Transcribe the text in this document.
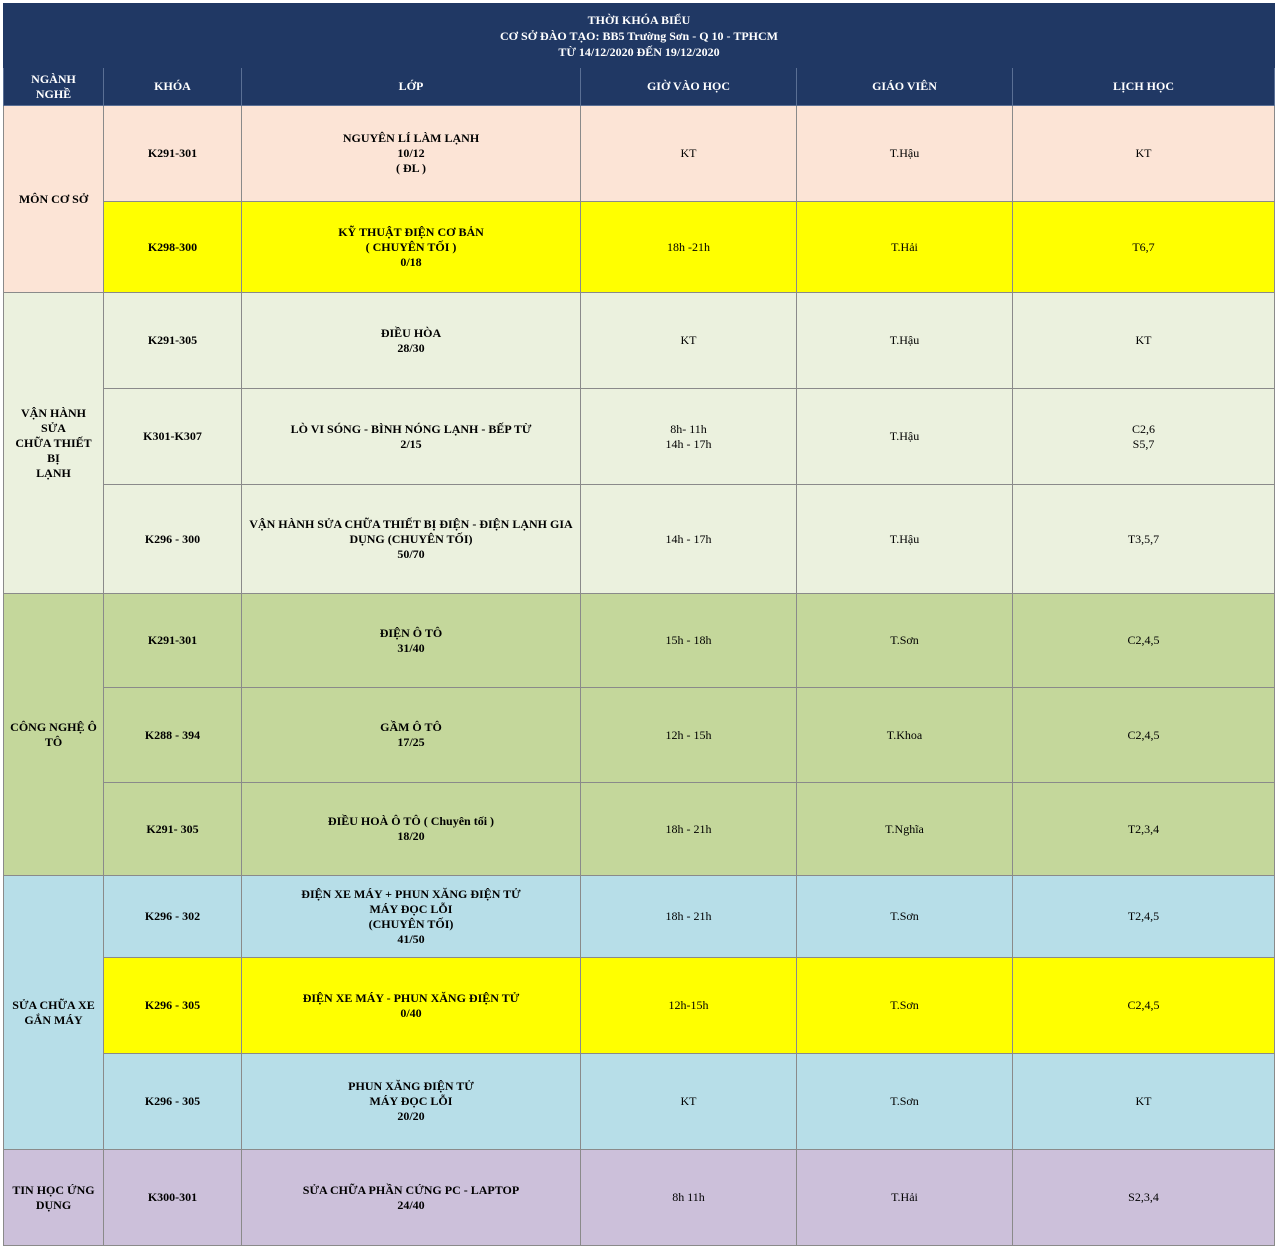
THỜI KHÓA BIỂU
CƠ SỞ ĐÀO TẠO: BB5 Trường Sơn - Q 10 - TPHCM
TỪ 14/12/2020 ĐẾN 19/12/2020					

NGÀNH
NGHỀ	KHÓA	LỚP	GIỜ VÀO HỌC	GIÁO VIÊN	LỊCH HỌC
MÔN CƠ SỞ	K291-301	NGUYÊN LÍ LÀM LẠNH
10/12
( ĐL )	KT	T.Hậu	KT
	K298-300	KỸ THUẬT ĐIỆN CƠ BẢN
( CHUYÊN TỐI )
0/18	18h -21h	T.Hải	T6,7

VẬN HÀNH SỬA
CHỮA THIẾT BỊ
LẠNH	K291-305	ĐIỀU HÒA
28/30	KT	T.Hậu	KT
	K301-K307	LÒ VI SÓNG - BÌNH NÓNG LẠNH - BẾP TỪ
2/15	8h- 11h
14h - 17h	T.Hậu	C2,6
S5,7

	K296 - 300	VẬN HÀNH SỬA CHỮA THIẾT BỊ ĐIỆN - ĐIỆN LẠNH GIA
DỤNG (CHUYÊN TỐI)
50/70	14h - 17h	T.Hậu	T3,5,7

CÔNG NGHỆ Ô
TÔ	K291-301	ĐIỆN Ô TÔ
31/40	15h - 18h	T.Sơn	C2,4,5
	K288 - 394	GẦM Ô TÔ
17/25	12h - 15h	T.Khoa	C2,4,5
	K291- 305	ĐIỀU HOÀ Ô TÔ ( Chuyên tối )
18/20	18h - 21h	T.Nghĩa	T2,3,4

SỬA CHỮA XE
GẮN MÁY	K296 - 302	ĐIỆN XE MÁY + PHUN XĂNG ĐIỆN TỬ
MÁY ĐỌC LỖI
(CHUYÊN TỐI)
41/50	18h - 21h	T.Sơn	T2,4,5
	K296 - 305	ĐIỆN XE MÁY - PHUN XĂNG ĐIỆN TỬ
0/40	12h-15h	T.Sơn	C2,4,5
	K296 - 305	PHUN XĂNG ĐIỆN TỬ
MÁY ĐỌC LỖI
20/20	KT	T.Sơn	KT

TIN HỌC ỨNG
DỤNG	K300-301	SỬA CHỮA PHẦN CỨNG PC - LAPTOP
24/40	8h 11h	T.Hải	S2,3,4
